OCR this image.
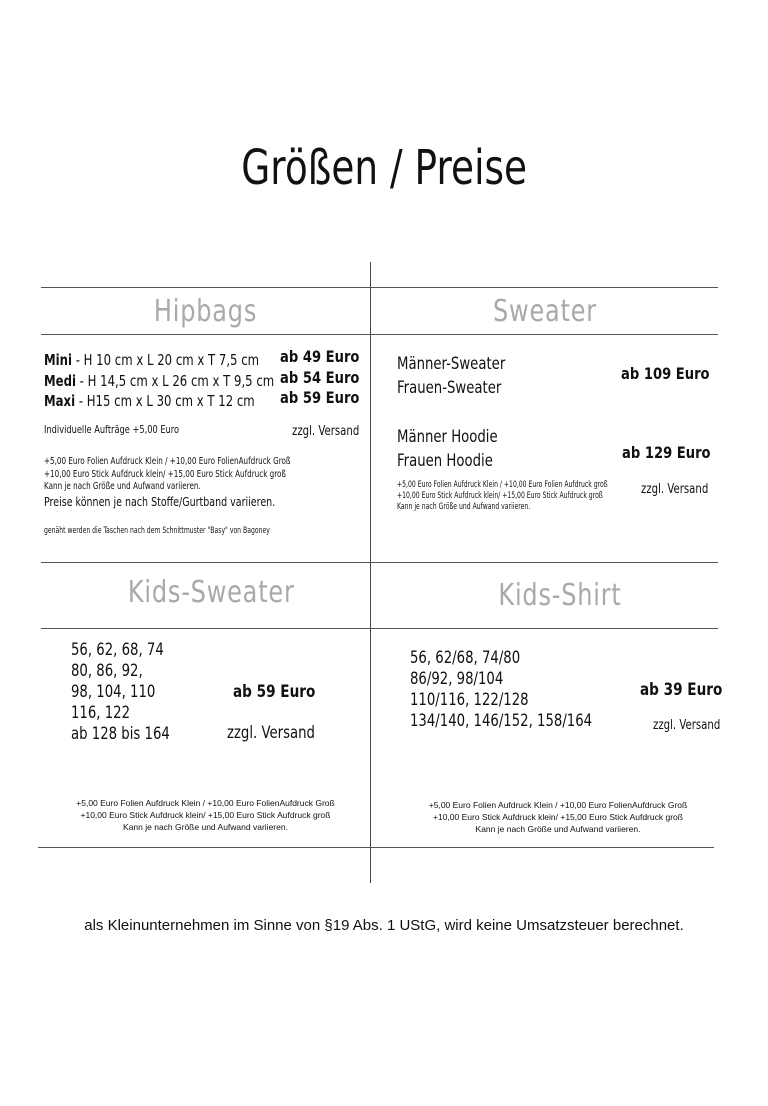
Größen / Preise
Hipbags
Mini - H 10 cm x L 20 cm x T 7,5 cm
Medi - H 14,5 cm x L 26 cm x T 9,5 cm
Maxi - H15 cm x L 30 cm x T 12 cm
ab 49 Euro
ab 54 Euro
ab 59 Euro
Individuelle Aufträge +5,00 Euro	zzgl. Versand
+5,00 Euro Folien Aufdruck Klein / +10,00 Euro FolienAufdruck Groß
+10,00 Euro Stick Aufdruck klein/ +15,00 Euro Stick Aufdruck groß
Kann je nach Größe und Aufwand variieren.
Preise können je nach Stoffe/Gurtband variieren.
genäht werden die Taschen nach dem Schnittmuster "Basy" von Bagoney
Sweater
Männer-Sweater
Frauen-Sweater
ab 109 Euro
Männer Hoodie
Frauen Hoodie	ab 129 Euro
+5,00 Euro Folien Aufdruck Klein / +10,00 Euro Folien Aufdruck groß
+10,00 Euro Stick Aufdruck klein/ +15,00 Euro Stick Aufdruck groß
Kann je nach Größe und Aufwand variieren.
zzgl. Versand
Kids-Sweater
56, 62, 68, 74
80, 86, 92,
98, 104, 110
116, 122
ab 128 bis 164
ab 59 Euro
zzgl. Versand
+5,00 Euro Folien Aufdruck Klein / +10,00 Euro FolienAufdruck Groß
+10,00 Euro Stick Aufdruck klein/ +15,00 Euro Stick Aufdruck groß
Kann je nach Größe und Aufwand variieren.
Kids-Shirt
56, 62/68, 74/80
86/92, 98/104
110/116, 122/128
134/140, 146/152, 158/164
ab 39 Euro
zzgl. Versand
+5,00 Euro Folien Aufdruck Klein / +10,00 Euro FolienAufdruck Groß
+10,00 Euro Stick Aufdruck klein/ +15,00 Euro Stick Aufdruck groß
Kann je nach Größe und Aufwand variieren.
als Kleinunternehmen im Sinne von §19 Abs. 1 UStG, wird keine Umsatzsteuer berechnet.
